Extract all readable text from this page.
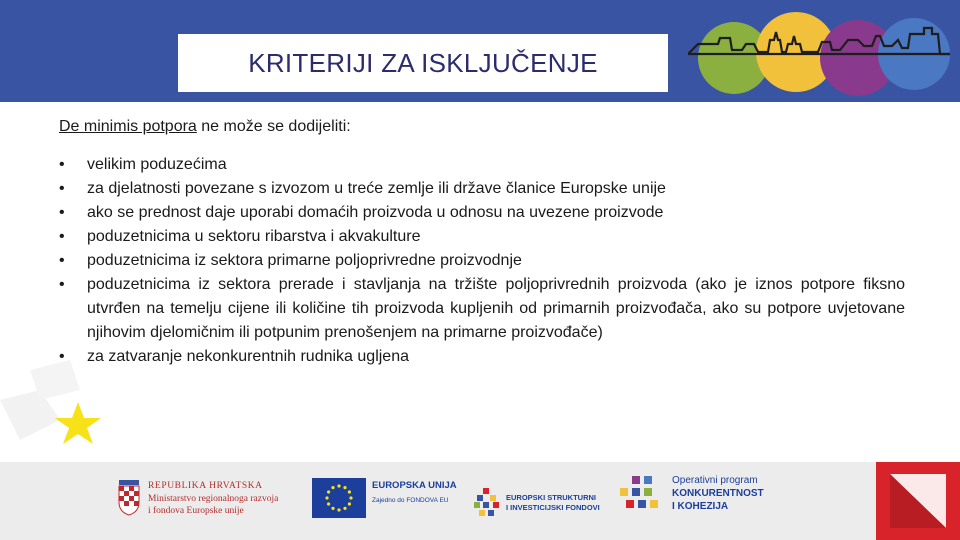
KRITERIJI ZA ISKLJUČENJE

De minimis potpora ne može se dodijeliti:

• velikim poduzećima
• za djelatnosti povezane s izvozom u treće zemlje ili države članice Europske unije
• ako se prednost daje uporabi domaćih proizvoda u odnosu na uvezene proizvode
• poduzetnicima u sektoru ribarstva i akvakulture
• poduzetnicima iz sektora primarne poljoprivredne proizvodnje
• poduzetnicima iz sektora prerade i stavljanja na tržište poljoprivrednih proizvoda (ako je iznos potpore fiksno utvrđen na temelju cijene ili količine tih proizvoda kupljenih od primarnih proizvođača, ako su potpore uvjetovane njihovim djelomičnim ili potpunim prenošenjem na primarne proizvođače)
• za zatvaranje nekonkurentnih rudnika ugljena
REPUBLIKA HRVATSKA
Ministarstvo regionalnoga razvoja
i fondova Europske unije
EUROPSKA UNIJA
Zajedno do FONDOVA EU	EUROPSKI STRUKTURNI
I INVESTICIJSKI FONDOVI
Operativni program
KONKURENTNOST
I KOHEZIJA
